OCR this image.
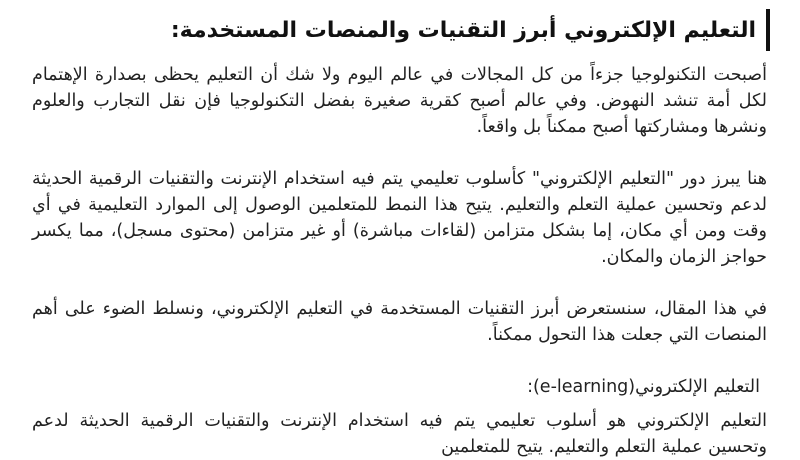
التعليم الإلكتروني أبرز التقنيات والمنصات المستخدمة:

أصبحت التكنولوجيا جزءاً من كل المجالات في عالم اليوم ولا شك أن التعليم يحظى بصدارة الإهتمام لكل أمة تنشد النهوض. وفي عالم أصبح كقرية صغيرة بفضل التكنولوجيا فإن نقل التجارب والعلوم ونشرها ومشاركتها أصبح ممكناً بل واقعاً.

هنا يبرز دور "التعليم الإلكتروني" كأسلوب تعليمي يتم فيه استخدام الإنترنت والتقنيات الرقمية الحديثة لدعم وتحسين عملية التعلم والتعليم. يتيح هذا النمط للمتعلمين الوصول إلى الموارد التعليمية في أي وقت ومن أي مكان، إما بشكل متزامن (لقاءات مباشرة) أو غير متزامن (محتوى مسجل)، مما يكسر حواجز الزمان والمكان.

في هذا المقال، سنستعرض أبرز التقنيات المستخدمة في التعليم الإلكتروني، ونسلط الضوء على أهم المنصات التي جعلت هذا التحول ممكناً.

التعليم الإلكتروني(e-learning):

التعليم الإلكتروني هو أسلوب تعليمي يتم فيه استخدام الإنترنت والتقنيات الرقمية الحديثة لدعم وتحسين عملية التعلم والتعليم. يتيح للمتعلمين
